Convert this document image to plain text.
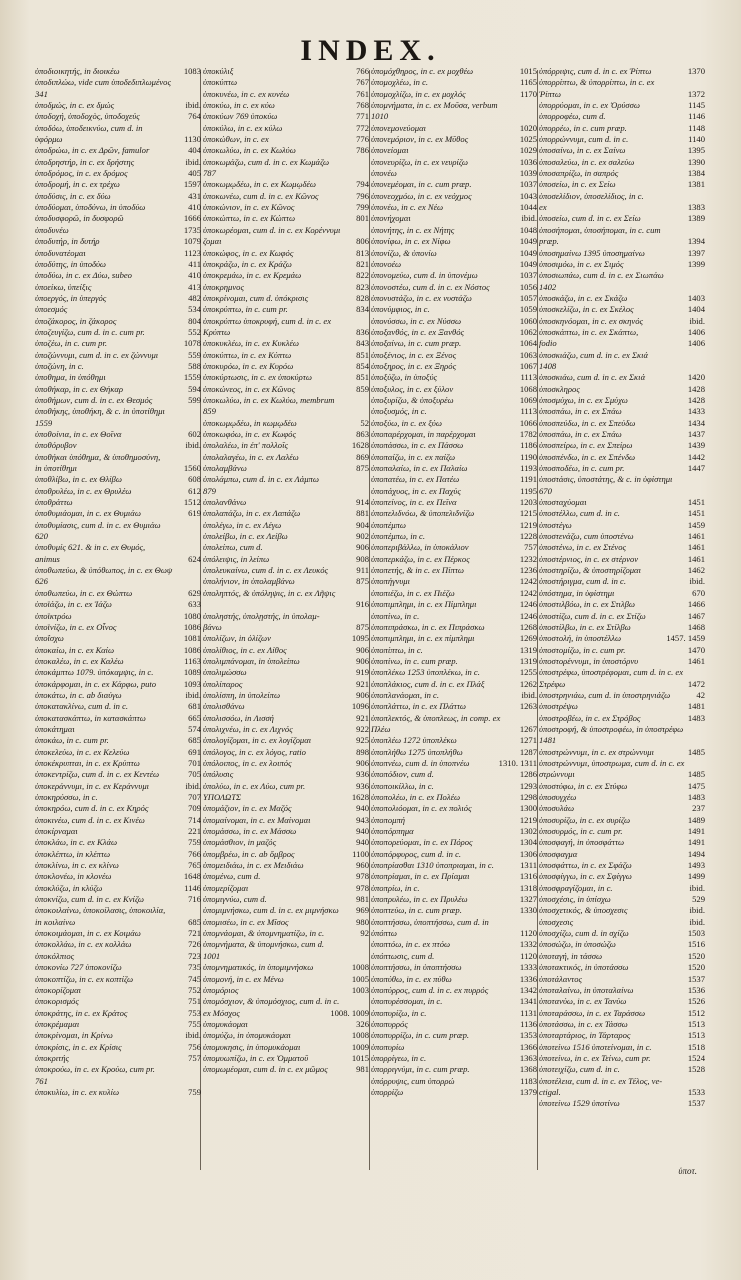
INDEX.
ὑποδιοικητής, in διοικέω	1083
ὑποδιπλώω, vide cum ὑποδεδιπλωμένος
341
ὑποδμώς, in c. ex δμώς	ibid.
ὑποδοχή, ὑποδοχὸς, ὑποδοχεύς	764
ὑποδόω, ὑποδεικνύω, cum d. in
ὑφόρμω	1130
ὑποδρώω, in c. ex Δρῶν, famulor	404
ὑποδρηστήρ, in c. ex δρήστης	ibid.
ὑποδρόμος, in c. ex δρόμος	405
ὑποδρομή, in c. ex τρέχω	1597
ὑποδύσις, in c. ex δύω	431
ὑποδύομαι, ὑποδύνω, in ὑποδύω	410
ὑποδυσφορῶ, in δυσφορῶ	1666
ὑποδυνέω	1735
ὑποδυτήρ, in δυτήρ	1079
ὑποδυνατέομαι	1123
ὑποδύτης, in ὑποδύω	411
ὑποδύω, in c. ex Δύω, subeo	410
ὑποείκω, ὑπείξις	413
ὑποεργός, in ὑπεργός	482
ὑποεσμός	534
ὑποζάκορος, in ζάκορος	804
ὑποζευγίζω, cum d. in c. cum pr.	552
ὑποζέω, in c. cum pr.	1078
ὑποζώννυμι, cum d. in c. ex ζώννυμι	559
ὑποζώνη, in c.	588
ὑποθημα, in ὑπόθημι	1559
ὑποθήκαρ, in c. ex Θήκαρ	594
ὑποθήμων, cum d. in c. ex Θεσμός	599
ὑποθήκης, ὑποθήκη, & c. in ὑποτίθημι
1559
ὑποθοίνια, in c. ex Θοῖνα	602
ὑποθόρυβον	ibid.
ὑποθήκαι ὑπόθημα, & ὑποθημοσύνη,
in ὑποτίθημι	1560
ὑποθλίβω, in c. ex Θλίβω	608
ὑποθρυλέω, in c. ex Θρυλέω	612
ὑποθράττω	1512
ὑποθυμιάομαι, in c. ex Θυμιάω	619
ὑποθυμίασις, cum d. in c. ex Θυμιάω
620
ὑποθυμίς 621. & in c. ex Θυμός,
animus	624
ὑποθωπεύω, & ὑπόθωπος, in c. ex Θωψ
626
ὑποθωπεύω, in c. ex Θώπτω	629
ὑποϊάζω, in c. ex Ἰάζω	633
ὑποϊκτρόω	1080
ὑποϊνίζω, in c. ex Οἶνος	1086
ὑποΐσχω	1081
ὑποκαίω, in c. ex Καίω	1086
ὑποκαλέω, in c. ex Καλέω	1163
ὑποκάμπτω 1079. ὑπόκαμψις, in c.	1089
ὑποκάρφομαι, in c. ex Κάρφω, puto	1093
ὑποκάτω, in c. ab διαύγω	ibid.
ὑποκατακλίνω, cum d. in c.	681
ὑποκατασκάπτω, in κατασκάπτω	665
ὑποκάτημαι	574
ὑποκάω, in c. cum pr.	685
ὑποκελεύω, in c. ex Κελεύω	691
ὑποκέκρυπται, in c. ex Κρύπτω	701
ὑποκεντρίζω, cum d. in c. ex Κεντέω	705
ὑποκεράννυμι, in c. ex Κεράννυμι	ibid.
ὑποκηρύσσω, in c.	707
ὑποκηρόω, cum d. in c. ex Κηρός	709
ὑποκινέω, cum d. in c. ex Κινέω	714
ὑποκίρναμαι	221
ὑποκλάω, in c. ex Κλάω	759
ὑποκλέπτω, in κλέπτω	766
ὑποκλίνω, in c. ex κλίνω	765
ὑποκλονέω, in κλονέω	1648
ὑποκλύζω, in κλύζω	1146
ὑποκνίζω, cum d. in c. ex Κνίζω	716
ὑποκοιλαίνω, ὑποκοίλασις, ὑποκοιλία,
in κοιλαίνω	685
ὑποκοιμάομαι, in c. ex Κοιμάω	721
ὑποκολλάω, in c. ex κολλάω	726
ὑποκόλπιος	723
ὑποκονίω 727 ὑποκονίζω	735
ὑποκοπτίζω, in c. ex κοπτίζω	745
ὑποκορίζομαι	752
ὑποκορισμός	751
ὑποκράτης, in c. ex Κράτος	753
ὑποκρέμαμαι	755
ὑποκρίνομαι, in Κρίνω	ibid.
ὑποκρίσις, in c. ex Κρίσις	756
ὑποκριτής	757
ὑποκρούω, in c. ex Κρούω, cum pr.
761
ὑποκυλίω, in c. ex κυλίω	759
ὑποκύλιξ	766
ὑποκύπτω	767
ὑποκυνέω, in c. ex κυνέω	761
ὑποκύω, in c. ex κύω	768
ὑποκύων 769 ὑποκύω	771
ὑποκύλω, in c. ex κύλω	772
ὑποκώθων, in c. ex	776
ὑποκωλύω, in c. ex Κωλύω	786
ὑποκωμάζω, cum d. in c. ex Κωμάζω
787
ὑποκωμῳδέω, in c. ex Κωμῳδέω	794
ὑποκωνέω, cum d. in c. ex Κῶνος	796
ὑποκώνιον, in c. ex Κῶνος	799
ὑποκώπτω, in c. ex Κώπτω	801
ὑποκωρέομαι, cum d. in c. ex Κορέννυμι
ζομαι	806
ὑποκώφος, in c. ex Κωφός	813
ὑποκράζω, in c. ex Κράζω	821
ὑποκρεμάω, in c. ex Κρεμάω	822
ὑποκρημνος	823
ὑποκρίνομαι, cum d. ὑπόκρισις	828
ὑποκρύπτω, in c. cum pr.	834
ὑποκρύπτω ὑποκρυφή, cum d. in c. ex
Κρύπτω	836
ὑποκυκλέω, in c. ex Κυκλέω	843
ὑποκύπτω, in c. ex Κύπτω	851
ὑποκυρόω, in c. ex Κυρόω	854
ὑποκύρτωσις, in c. ex ὑποκύρτω	851
ὑποκώνεος, in c. ex Κῶνος	859
ὑποκωλύω, in c. ex Κωλύω, membrum
859
ὑποκωμῳδέω, in κωμῳδέω	52
ὑποκωφόω, in c. ex Κωφός	863
ὑπολαλέω, in ἐπ' πολλοῖς	1628
ὑπολαλαγέω, in c. ex Λαλέω	869
ὑπολαμβάνω	875
ὑπολάμπω, cum d. in c. ex Λάμπω
879
ὑπολανθάνω	914
ὑπολαπάζω, in c. ex Λαπάζω	881
ὑπολέγω, in c. ex Λέγω	904
ὑπολείβω, in c. ex Λείβω	902
ὑπολείπω, cum d.	906
ὑπόλειψις, in λείπω	908
ὑπολευκαίνω, cum d. in c. ex Λευκός	911
ὑπολήνιον, in ὑπολαμβάνω	875
ὑποληπτός, & ὑπόληψις, in c. ex Λῆψις
916
ὑποληστής, ὑπολῃστής, in ὑπολαμ-
βάνω	875
ὑπολίζων, in ὀλίζων	1095
ὑπολίθιος, in c. ex Λίθος	906
ὑπολιμπάνομαι, in ὑπολείπω	906
ὑπολιμώσσω	919
ὑπολίπαρος	921
ὑπολίσπη, in ὑπολείπω	906
ὑπολισθάνω	1096
ὑπολισσόω, in Λισσή	921
ὑπολιχνέω, in c. ex Λιχνός	922
ὑπολογίζομαι, in c. ex λογίζομαι	925
ὑπόλογος, in c. ex λόγος, ratio	898
ὑπόλοιπος, in c. ex λοιπός	906
ὑπόλυσις	936
ὑπολύω, in c. ex Λύω, cum pr.	936
ΥΠΟΛΩΤΣ	1628
ὑπομάζιον, in c. ex Μαζός	940
ὑπομαίνομαι, in c. ex Μαίνομαι	943
ὑπομάσσω, in c. ex Μάσσω	940
ὑπομάσθιον, in μαζός	940
ὑπομβρέω, in c. ab ὄμβρος	1100
ὑπομειδιάω, in c. ex Μειδιάω	960
ὑπομένω, cum d.	978
ὑπομερίζομαι	978
ὑπομιγνύω, cum d.	981
ὑπομιμνήσκω, cum d. in c. ex μιμνήσκω	969
ὑπομισέω, in c. ex Μῖσος	980
ὑπομνάομαι, & ὑπομνηματίζω, in c.	92
ὑπομνήματα, & ὑπομνήσκω, cum d.
1001
ὑπομνηματικός, in ὑπομιμνήσκω	1008
ὑπομονή, in c. ex Μένω	1005
ὑπομόριος	1003
ὑπομόσχιον, & ὑπομόσχιος, cum d. in c.
ex Μόσχος	1008. 1009
ὑπομυκάομαι	326
ὑπομύζω, in ὑπομυκάομαι	1008
ὑπομυκησις, in ὑπομυκάομαι	1009
ὑπομυωπίζω, in c. ex Ὀμματοῦ	1015
ὑπομωμέομαι, cum d. in c. ex μῶμος	981
ὑπομόχθηρος, in c. ex μοχθέω	1015
ὑπομοχλέω, in c.	1165
ὑπομοχλίζω, in c. ex μοχλός	1170
ὑπομνήματα, in c. ex Μοῦσα, verbum
1010
ὑπονεμονεύομαι	1020
ὑπονεμόριον, in c. ex Μῦθος	1025
ὑπονείομαι	1029
ὑπονευρίζω, in c. ex νευρίζω	1036
ὑπονέω	1039
ὑπονεμέομαι, in c. cum præp.	1037
ὑπονεοχμόω, in c. ex νεόχμος	1043
ὑπονέω, in c. ex Νέω	1044
ὑπονήχομαι	ibid.
ὑπονήτης, in c. ex Νήτης	1048
ὑπονίφω, in c. ex Νίφω	1049
ὑπονίζω, & ὑπονίω	1049
ὑπονοέω	1049
ὑπονομεύω, cum d. in ὑπονέμω	1037
ὑπονοστέω, cum d. in c. ex Νόστος	1056
ὑπονυστάζω, in c. ex νυστάζω	1057
ὑπονύμφιος, in c.	1059
ὑπονύσσω, in c. ex Νύσσω	1060
ὑποξανθός, in c. ex Ξανθός	1062
ὑποξαίνω, in c. cum præp.	1064
ὑποξένιος, in c. ex Ξένος	1063
ὑποξηρος, in c. ex Ξηρός	1067
ὑποξύζω, in ὑποξύς	1113
ὑποξυλος, in c. ex ξύλον	1068
ὑποξυρίζω, & ὑποξυρέω	1069
ὑποξυσμός, in c.	1113
ὑποξύω, in c. ex ξύω	1066
ὑποπαρέρχομαι, in παρέρχομαι	1782
ὑποπάσσω, in c. ex Πάσσω	1186
ὑποπαίζω, in c. ex παίζω	1190
ὑποπαλαίω, in c. ex Παλαίω	1193
ὑποπατέω, in c. ex Πατέω	1191
ὑποπάχυος, in c. ex Παχύς	1195
ὑποπείνος, in c. ex Πεῖνα	1203
ὑποπελιδνόω, & ὑποπελιδνίζω	1215
ὑποπέμπω	1219
ὑποπέμπω, in c.	1228
ὑποπεριβάλλω, in ὑποκάλιον	757
ὑποπερκάζω, in c. ex Πέρκος	1232
ὑποπετής, & in c. ex Πίπτω	1236
ὑποπήγνυμι	1242
ὑποπιέζω, in c. ex Πιέζω	1242
ὑποπιμπλημι, in c. ex Πίμπλημι	1246
ὑποπίνω, in c.	1246
ὑποπιπράσκω, in c. ex Πιπράσκω	1268
ὑποπιμπλημι, in c. ex πίμπλημι	1269
ὑποπίπτω, in c.	1319
ὑποπίνω, in c. cum præp.	1319
ὑποπλέκω 1253 ὑποπλέκω, in c.	1255
ὑποπλάκιος, cum d. in c. ex Πλάξ	1262
ὑποπλανάομαι, in c.	ibid.
ὑποπλάττω, in c. ex Πλάττω	1263
ὑποπλεκτός, & ὑποπλεως, in comp. ex
Πλέω	1267
ὑποπλέω 1272 ὑποπλέκω	1271
ὑποπλήθω 1275 ὑποπλήθω	1287
ὑποπνέω, cum d. in ὑποπνέω	1310. 1311
ὑποπόδιον, cum d.	1286
ὑποποικίλλω, in c.	1293
ὑποπολέω, in c. ex Πολέω	1298
ὑποπολιόομαι, in c. ex πολιός	1300
ὑποπομπή	1219
ὑποπόρπημα	1302
ὑποπορεύομαι, in c. ex Πόρος	1304
ὑποπόρφυρος, cum d. in c.	1306
ὑποπρίασθαι 1310 ὑποπριαμαι, in c.	1311
ὑποπρίαμαι, in c. ex Πρίαμαι	1316
ὑποπρίω, in c.	1318
ὑποπρυλέω, in c. ex Πρυλέω	1327
ὑποπτεύω, in c. cum præp.	1330
ὑποπτήσσω, ὑποπτήσσω, cum d. in
ὑπόπτω	1120
ὑποπτόω, in c. ex πτόω	1332
ὑπόπτωσις, cum d.	1120
ὑποπτήσσω, in ὑποπτήσσω	1333
ὑποπύθω, in c. ex πύθω	1336
ὑποπύρρος, cum d. in c. ex πυρρός	1342
ὑποπυρέσσομαι, in c.	1341
ὑποπυρίζω, in c.	1131
ὑποπυρρός	1136
ὑποπυρρίζω, in c. cum præp.	1353
ὑποπυρίω	1366
ὑπορρίγεω, in c.	1363
ὑπορριγνύμι, in c. cum præp.	1368
ὑπόρρυψις, cum ὑπορρώ	1183
ὑπορρίζω	1379
ὑπόρριψις, cum d. in c. ex Ῥίπτω	1370
ὑπορρίπτω, & ὑπορρίπτω, in c. ex
Ῥίπτω	1372
ὑπορρύομαι, in c. ex Ὀρύσσω	1145
ὑπορροφέω, cum d.	1146
ὑπορρέω, in c. cum præp.	1148
ὑπορρώννυμι, cum d. in c.	1140
ὑποσαίνω, in c. ex Σαίνω	1395
ὑποσαλεύω, in c. ex σαλεύω	1390
ὑποσαπρίζω, in σαπρός	1384
ὑποσείω, in c. ex Σείω	1381
ὑποσελίδιον, ὑποσελίδιος, in c.
ex	1383
ὑποσείω, cum d. in c. ex Σείω	1389
ὑποσήπομαι, ὑποσήπομαι, in c. cum
præp.	1394
ὑποσημαίνω 1395 ὑποσημαίνω	1397
ὑποσιμόω, in c. ex Σιμός	1399
ὑποσιωπάω, cum d. in c. ex Σιωπάω
1402
ὑποσκάζω, in c. ex Σκάζω	1403
ὑποσκελίζω, in c. ex Σκέλος	1404
ὑποσκηνόομαι, in c. ex σκηνός	ibid.
ὑποσκάπτω, in c. ex Σκάπτω,	1406
fodio	1406
ὑποσκιάζω, cum d. in c. ex Σκιά
1408
ὑποσκιάω, cum d. in c. ex Σκιά	1420
ὑποσκληρος	1428
ὑποσμύχω, in c. ex Σμύχω	1428
ὑποσπάω, in c. ex Σπάω	1433
ὑποσπεύδω, in c. ex Σπεύδω	1434
ὑποσπάω, in c. ex Σπάω	1437
ὑποσπείρω, in c. ex Σπείρω	1439
ὑποσπένδω, in c. ex Σπένδω	1442
ὑποσποδέω, in c. cum pr.	1447
ὑποστάσις, ὑποστάτης, & c. in ὑφίστημι
670
ὑποσταχύομαι	1451
ὑποστέλλω, cum d. in c.	1451
ὑποστέγω	1459
ὑποστενάζω, cum ὑποστένω	1461
ὑποστένω, in c. ex Στένος	1461
ὑποστέρνιος, in c. ex στέρνον	1461
ὑποστηρίζω, & ὑποστηρίζομαι	1462
ὑποστήριγμα, cum d. in c.	ibid.
ὑπόστημα, in ὑφίστημι	670
ὑποστιλβόω, in c. ex Στιλβω	1466
ὑποστίζω, cum d. in c. ex Στίζω	1467
ὑποστίλβω, in c. ex Στίλβω	1468
ὑποστολή, in ὑποστέλλω	1457. 1459
ὑποστομίζω, in c. cum pr.	1470
ὑποστορέννυμι, in ὑποστόρνυ	1461
ὑποστρέφω, ὑποστρέφομαι, cum d. in c. ex
Στρέφω	1472
ὑποστρηνιάω, cum d. in ὑποστρηνιάζω	42
ὑποστρέψω	1481
ὑποστροβέω, in c. ex Στρόβος	1483
ὑποστροφή, & ὑποστροφέω, in ὑποστρέφω
1481
ὑποστρώννυμι, in c. ex στρώννυμι	1485
ὑποστρώννυμι, ὑποστρωμα, cum d. in c. ex
στρώννυμι	1485
ὑποστύφω, in c. ex Στύφω	1475
ὑποσυγχέω	1483
ὑποσυλάω	237
ὑποσυρίζω, in c. ex συρίζω	1489
ὑποσυρμός, in c. cum pr.	1491
ὑποσφαγή, in ὑποσφάττω	1491
ὑποσφαγμα	1494
ὑποσφάττω, in c. ex Σφάζω	1493
ὑποσφίγγω, in c. ex Σφίγγω	1499
ὑποσφραγίζομαι, in c.	ibid.
ὑποσχέσις, in ὑπίσχω	529
ὑποσχετικός, & ὑποσχεσις	ibid.
ὑποσχεσις	ibid.
ὑποσχίζω, cum d. in σχίζω	1503
ὑποσώζω, in ὑποσώζω	1516
ὑποταγή, in τάσσω	1520
ὑποτακτικός, in ὑποτάσσω	1520
ὑποτάλαντος	1537
ὑποταλαίνω, in ὑποταλαίνω	1536
ὑποτανύω, in c. ex Τανύω	1526
ὑποταράσσω, in c. ex Ταράσσω	1512
ὑποτάσσω, in c. ex Τάσσω	1513
ὑποταρτάριος, in Τάρταρος	1513
ὑποτείνω 1516 ὑποτείνομαι, in c.	1518
ὑποτείνω, in c. ex Τείνω, cum pr.	1524
ὑποτειχίζω, cum d. in c.	1528
ὑποτέλεια, cum d. in c. ex Τέλος, ve-
ctigal.	1533
ὑποτείνω 1529 ὑποτίνω	1537
ὑποτ.
